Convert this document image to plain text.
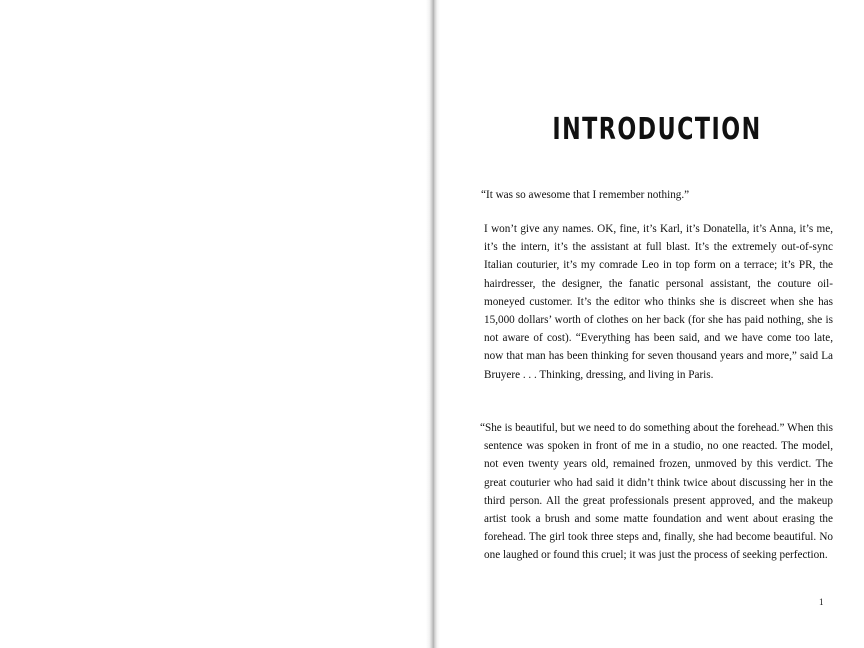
INTRODUCTION

“It was so awesome that I remember nothing.”

I won’t give any names. OK, fine, it’s Karl, it’s Donatella, it’s Anna, it’s me, it’s the intern, it’s the assistant at full blast. It’s the extremely out-of-sync Italian couturier, it’s my comrade Leo in top form on a terrace; it’s PR, the hairdresser, the designer, the fanatic personal assistant, the couture oil-moneyed customer. It’s the editor who thinks she is discreet when she has 15,000 dollars’ worth of clothes on her back (for she has paid nothing, she is not aware of cost). “Everything has been said, and we have come too late, now that man has been thinking for seven thousand years and more,” said La Bruyere . . . Thinking, dressing, and living in Paris.

“She is beautiful, but we need to do something about the forehead.” When this sentence was spoken in front of me in a studio, no one reacted. The model, not even twenty years old, remained frozen, unmoved by this verdict. The great couturier who had said it didn’t think twice about discussing her in the third person. All the great professionals present approved, and the makeup artist took a brush and some matte foundation and went about erasing the forehead. The girl took three steps and, finally, she had become beautiful. No one laughed or found this cruel; it was just the process of seeking perfection.

1
